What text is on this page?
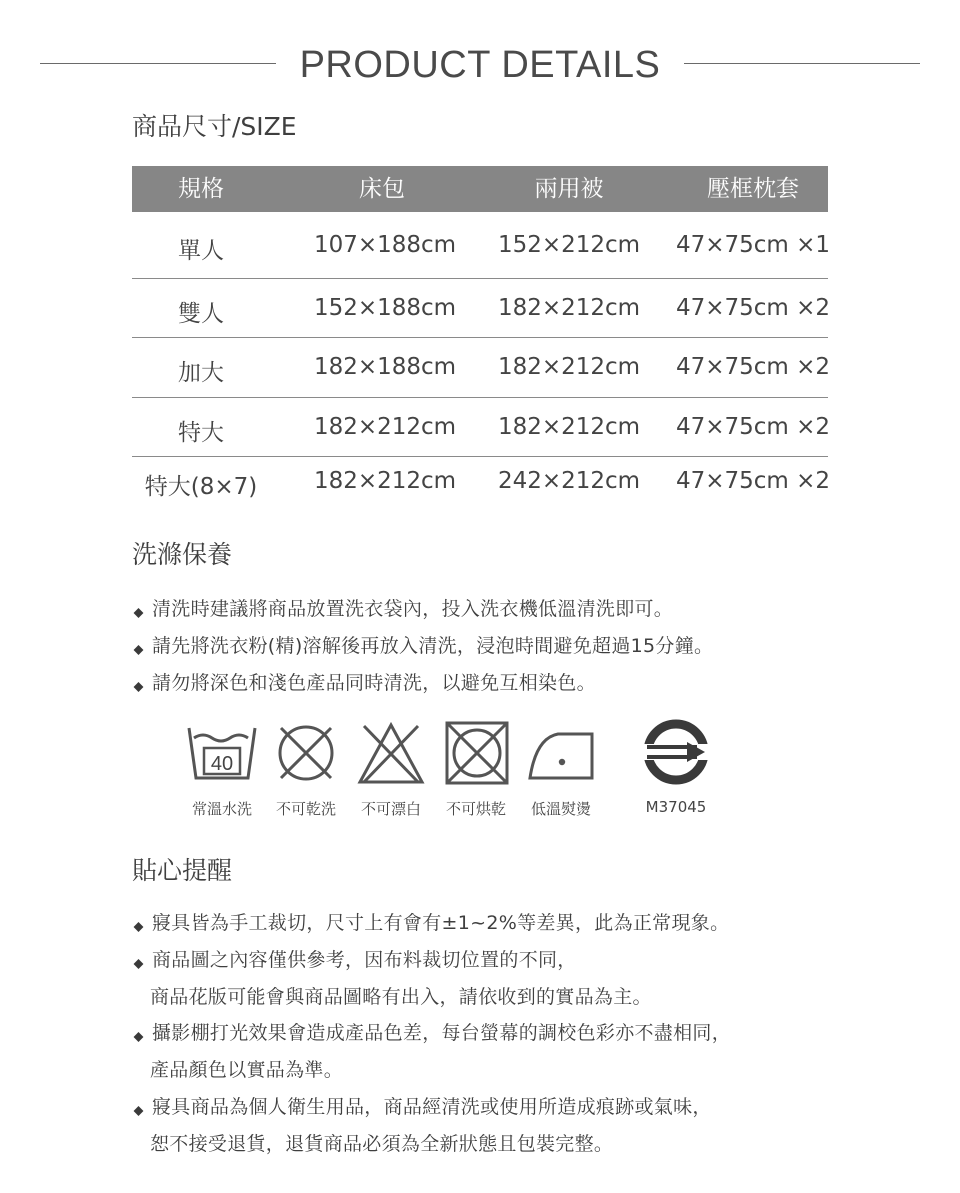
PRODUCT DETAILS
商品尺寸/SIZE
規格	床包	兩用被	壓框枕套
單人	107×188cm 152×212cm 47×75cm ×1
雙人	152×188cm 182×212cm 47×75cm ×2
加大	182×188cm 182×212cm 47×75cm ×2
特大	182×212cm 182×212cm 47×75cm ×2
特大(8×7) 182×212cm 242×212cm 47×75cm ×2
洗滌保養
清洗時建議將商品放置洗衣袋內，投入洗衣機低溫清洗即可。
請先將洗衣粉(精)溶解後再放入清洗，浸泡時間避免超過15分鐘。
請勿將深色和淺色產品同時清洗，以避免互相染色。
40
常溫水洗 不可乾洗 不可漂白 不可烘乾 低溫熨燙	M37045
貼心提醒
寢具皆為手工裁切，尺寸上有會有±1~2%等差異，此為正常現象。
商品圖之內容僅供參考，因布料裁切位置的不同，
商品花版可能會與商品圖略有出入，請依收到的實品為主。
攝影棚打光效果會造成產品色差，每台螢幕的調校色彩亦不盡相同，
產品顏色以實品為準。
寢具商品為個人衛生用品，商品經清洗或使用所造成痕跡或氣味，
恕不接受退貨，退貨商品必須為全新狀態且包裝完整。
